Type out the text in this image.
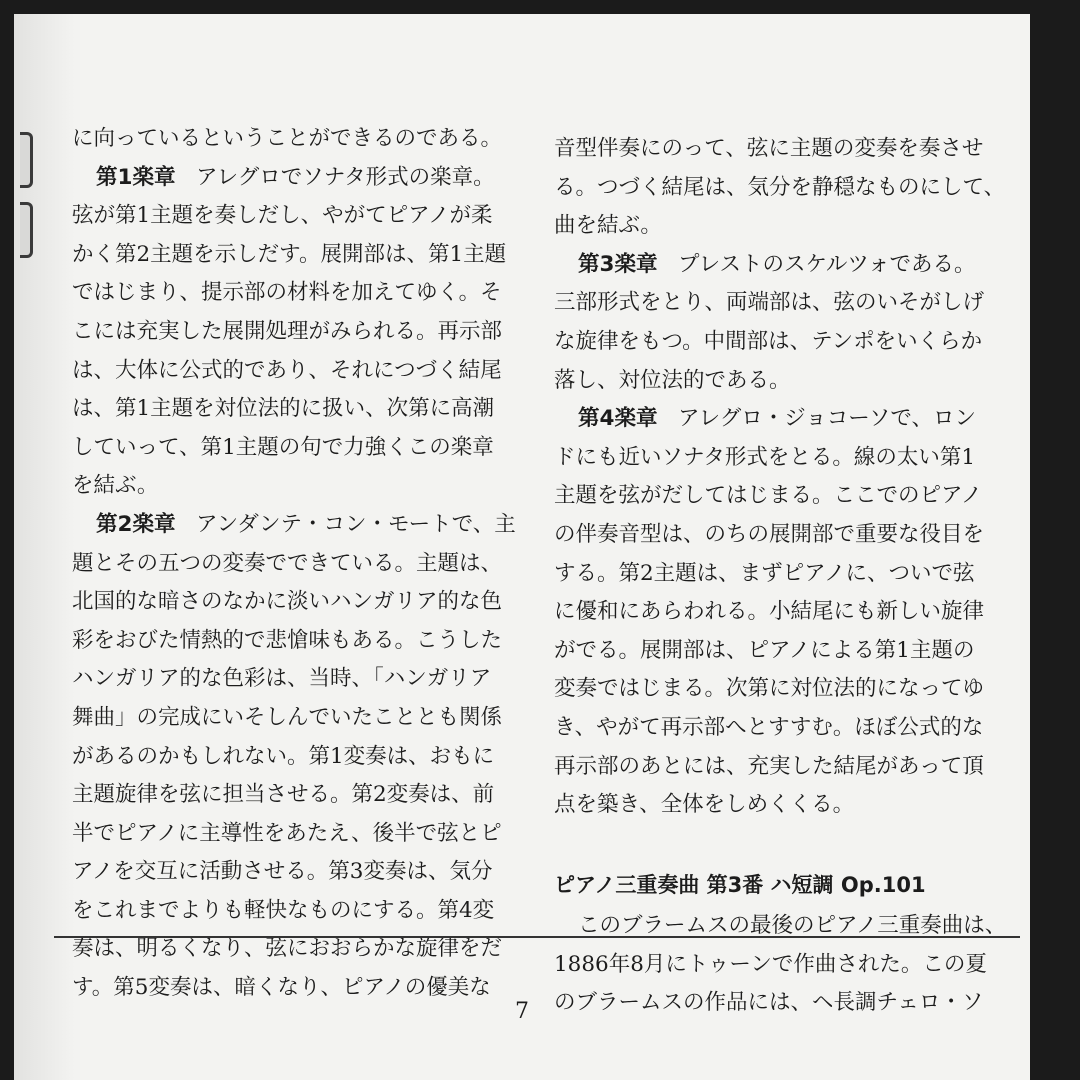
に向っているということができるのである。
第1楽章 アレグロでソナタ形式の楽章。
弦が第1主題を奏しだし、やがてピアノが柔
かく第2主題を示しだす。展開部は、第1主題
ではじまり、提示部の材料を加えてゆく。そ
こには充実した展開処理がみられる。再示部
は、大体に公式的であり、それにつづく結尾
は、第1主題を対位法的に扱い、次第に高潮
していって、第1主題の句で力強くこの楽章
を結ぶ。
第2楽章 アンダンテ・コン・モートで、主
題とその五つの変奏でできている。主題は、
北国的な暗さのなかに淡いハンガリア的な色
彩をおびた情熱的で悲愴味もある。こうした
ハンガリア的な色彩は、当時、「ハンガリア
舞曲」の完成にいそしんでいたこととも関係
があるのかもしれない。第1変奏は、おもに
主題旋律を弦に担当させる。第2変奏は、前
半でピアノに主導性をあたえ、後半で弦とピ
アノを交互に活動させる。第3変奏は、気分
をこれまでよりも軽快なものにする。第4変
奏は、明るくなり、弦におおらかな旋律をだ
す。第5変奏は、暗くなり、ピアノの優美な
音型伴奏にのって、弦に主題の変奏を奏させ
る。つづく結尾は、気分を静穏なものにして、
曲を結ぶ。
第3楽章 プレストのスケルツォである。
三部形式をとり、両端部は、弦のいそがしげ
な旋律をもつ。中間部は、テンポをいくらか
落し、対位法的である。
第4楽章 アレグロ・ジョコーソで、ロン
ドにも近いソナタ形式をとる。線の太い第1
主題を弦がだしてはじまる。ここでのピアノ
の伴奏音型は、のちの展開部で重要な役目を
する。第2主題は、まずピアノに、ついで弦
に優和にあらわれる。小結尾にも新しい旋律
がでる。展開部は、ピアノによる第1主題の
変奏ではじまる。次第に対位法的になってゆ
き、やがて再示部へとすすむ。ほぼ公式的な
再示部のあとには、充実した結尾があって頂
点を築き、全体をしめくくる。
ピアノ三重奏曲 第3番 ハ短調 Op.101
このブラームスの最後のピアノ三重奏曲は、
1886年8月にトゥーンで作曲された。この夏
のブラームスの作品には、ヘ長調チェロ・ソ
7
